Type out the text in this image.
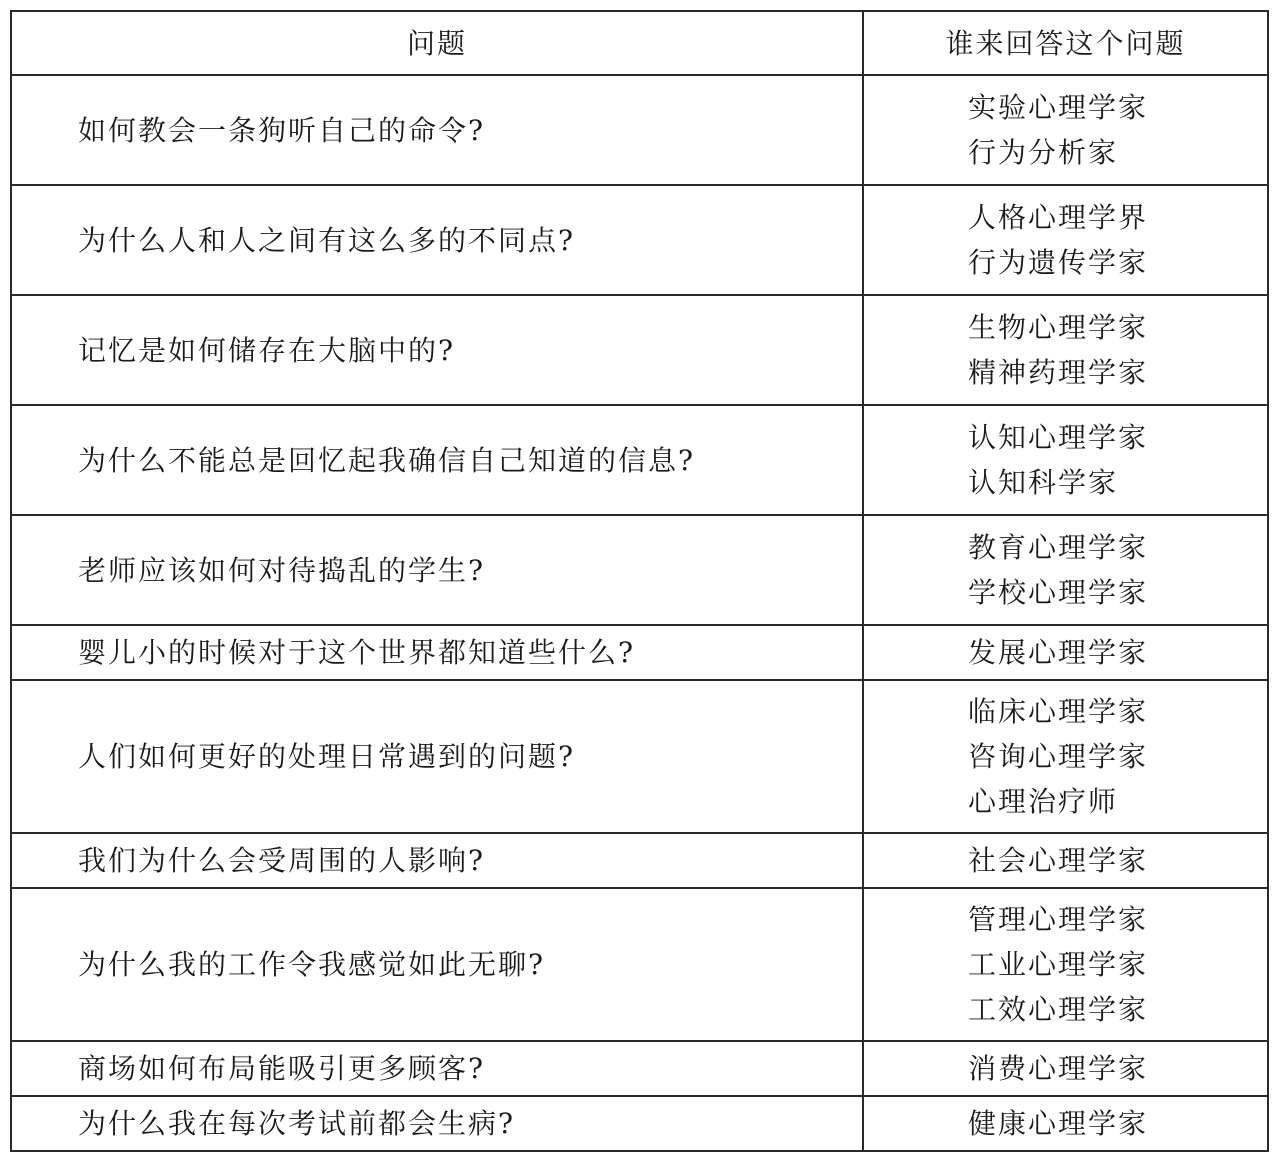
问题	谁来回答这个问题
如何教会一条狗听自己的命令?	实验心理学家
行为分析家

为什么人和人之间有这么多的不同点?	人格心理学界
行为遗传学家

记忆是如何储存在大脑中的?	生物心理学家
精神药理学家

为什么不能总是回忆起我确信自己知道的信息?	认知心理学家
认知科学家

老师应该如何对待捣乱的学生?	教育心理学家
学校心理学家

婴儿小的时候对于这个世界都知道些什么?	发展心理学家

人们如何更好的处理日常遇到的问题?	临床心理学家
咨询心理学家
心理治疗师

我们为什么会受周围的人影响?	社会心理学家

为什么我的工作令我感觉如此无聊?	管理心理学家
工业心理学家
工效心理学家

商场如何布局能吸引更多顾客?	消费心理学家

为什么我在每次考试前都会生病?	健康心理学家
